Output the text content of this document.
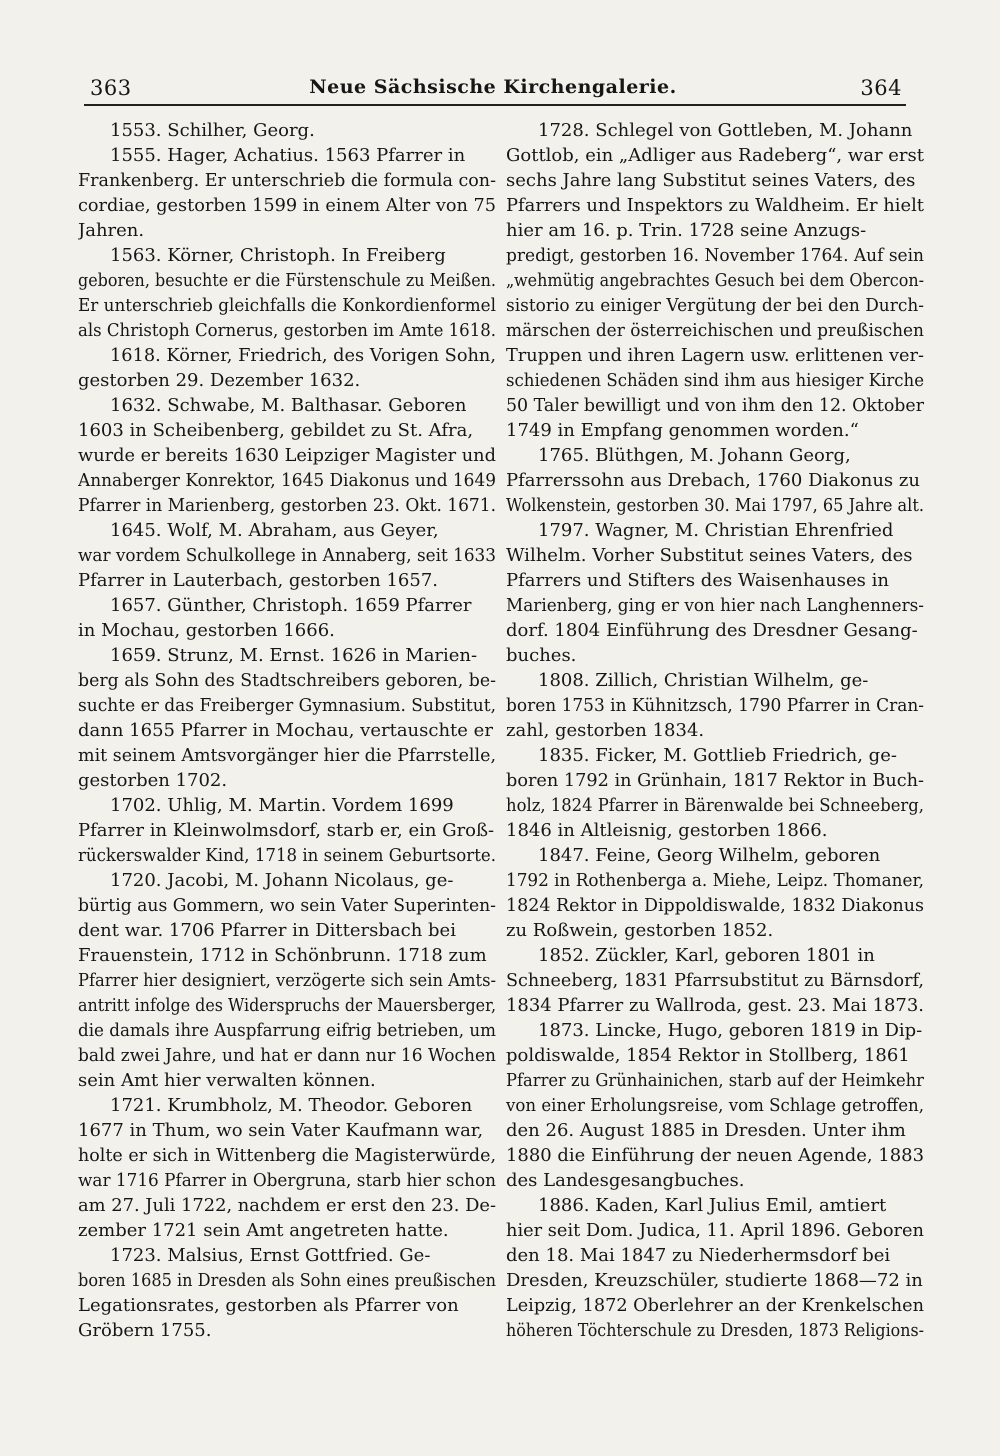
363	Neue Sächsische Kirchengalerie.	364
1553. Schilher, Georg.
1555. Hager, Achatius. 1563 Pfarrer in
Frankenberg. Er unterschrieb die formula con-
cordiae, gestorben 1599 in einem Alter von 75
Jahren.
1563. Körner, Christoph. In Freiberg
geboren, besuchte er die Fürstenschule zu Meißen.
Er unterschrieb gleichfalls die Konkordienformel
als Christoph Cornerus, gestorben im Amte 1618.
1618. Körner, Friedrich, des Vorigen Sohn,
gestorben 29. Dezember 1632.
1632. Schwabe, M. Balthasar. Geboren
1603 in Scheibenberg, gebildet zu St. Afra,
wurde er bereits 1630 Leipziger Magister und
Annaberger Konrektor, 1645 Diakonus und 1649
Pfarrer in Marienberg, gestorben 23. Okt. 1671.
1645. Wolf, M. Abraham, aus Geyer,
war vordem Schulkollege in Annaberg, seit 1633
Pfarrer in Lauterbach, gestorben 1657.
1657. Günther, Christoph. 1659 Pfarrer
in Mochau, gestorben 1666.
1659. Strunz, M. Ernst. 1626 in Marien-
berg als Sohn des Stadtschreibers geboren, be-
suchte er das Freiberger Gymnasium. Substitut,
dann 1655 Pfarrer in Mochau, vertauschte er
mit seinem Amtsvorgänger hier die Pfarrstelle,
gestorben 1702.
1702. Uhlig, M. Martin. Vordem 1699
Pfarrer in Kleinwolmsdorf, starb er, ein Groß-
rückerswalder Kind, 1718 in seinem Geburtsorte.
1720. Jacobi, M. Johann Nicolaus, ge-
bürtig aus Gommern, wo sein Vater Superinten-
dent war. 1706 Pfarrer in Dittersbach bei
Frauenstein, 1712 in Schönbrunn. 1718 zum
Pfarrer hier designiert, verzögerte sich sein Amts-
antritt infolge des Widerspruchs der Mauersberger,
die damals ihre Auspfarrung eifrig betrieben, um
bald zwei Jahre, und hat er dann nur 16 Wochen
sein Amt hier verwalten können.
1721. Krumbholz, M. Theodor. Geboren
1677 in Thum, wo sein Vater Kaufmann war,
holte er sich in Wittenberg die Magisterwürde,
war 1716 Pfarrer in Obergruna, starb hier schon
am 27. Juli 1722, nachdem er erst den 23. De-
zember 1721 sein Amt angetreten hatte.
1723. Malsius, Ernst Gottfried. Ge-
boren 1685 in Dresden als Sohn eines preußischen
Legationsrates, gestorben als Pfarrer von
Gröbern 1755.
1728. Schlegel von Gottleben, M. Johann
Gottlob, ein „Adliger aus Radeberg“, war erst
sechs Jahre lang Substitut seines Vaters, des
Pfarrers und Inspektors zu Waldheim. Er hielt
hier am 16. p. Trin. 1728 seine Anzugs-
predigt, gestorben 16. November 1764. Auf sein
„wehmütig angebrachtes Gesuch bei dem Obercon-
sistorio zu einiger Vergütung der bei den Durch-
märschen der österreichischen und preußischen
Truppen und ihren Lagern usw. erlittenen ver-
schiedenen Schäden sind ihm aus hiesiger Kirche
50 Taler bewilligt und von ihm den 12. Oktober
1749 in Empfang genommen worden.“
1765. Blüthgen, M. Johann Georg,
Pfarrerssohn aus Drebach, 1760 Diakonus zu
Wolkenstein, gestorben 30. Mai 1797, 65 Jahre alt.
1797. Wagner, M. Christian Ehrenfried
Wilhelm. Vorher Substitut seines Vaters, des
Pfarrers und Stifters des Waisenhauses in
Marienberg, ging er von hier nach Langhenners-
dorf. 1804 Einführung des Dresdner Gesang-
buches.
1808. Zillich, Christian Wilhelm, ge-
boren 1753 in Kühnitzsch, 1790 Pfarrer in Cran-
zahl, gestorben 1834.
1835. Ficker, M. Gottlieb Friedrich, ge-
boren 1792 in Grünhain, 1817 Rektor in Buch-
holz, 1824 Pfarrer in Bärenwalde bei Schneeberg,
1846 in Altleisnig, gestorben 1866.
1847. Feine, Georg Wilhelm, geboren
1792 in Rothenberga a. Miehe, Leipz. Thomaner,
1824 Rektor in Dippoldiswalde, 1832 Diakonus
zu Roßwein, gestorben 1852.
1852. Zückler, Karl, geboren 1801 in
Schneeberg, 1831 Pfarrsubstitut zu Bärnsdorf,
1834 Pfarrer zu Wallroda, gest. 23. Mai 1873.
1873. Lincke, Hugo, geboren 1819 in Dip-
poldiswalde, 1854 Rektor in Stollberg, 1861
Pfarrer zu Grünhainichen, starb auf der Heimkehr
von einer Erholungsreise, vom Schlage getroffen,
den 26. August 1885 in Dresden. Unter ihm
1880 die Einführung der neuen Agende, 1883
des Landesgesangbuches.
1886. Kaden, Karl Julius Emil, amtiert
hier seit Dom. Judica, 11. April 1896. Geboren
den 18. Mai 1847 zu Niederhermsdorf bei
Dresden, Kreuzschüler, studierte 1868—72 in
Leipzig, 1872 Oberlehrer an der Krenkelschen
höheren Töchterschule zu Dresden, 1873 Religions-
